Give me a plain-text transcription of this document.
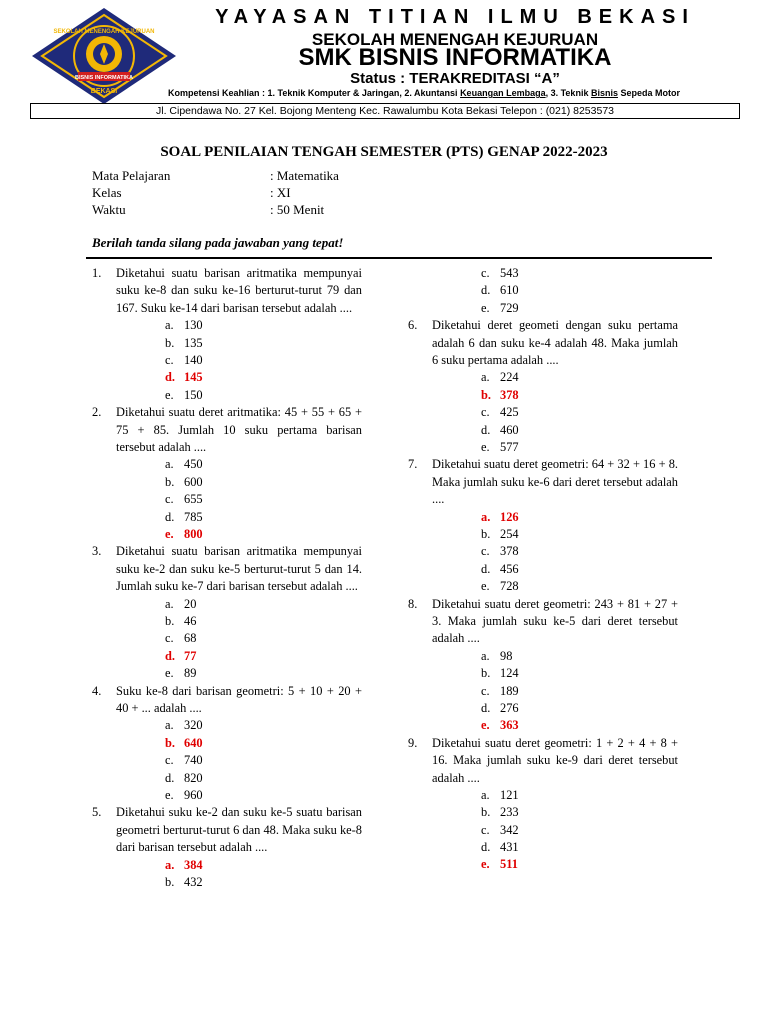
BISNIS INFORMATIKA
SEKOLAH MENENGAH KEJURUAN
BEKASI
YAYASAN TITIAN ILMU BEKASI
SEKOLAH MENENGAH KEJURUAN
SMK BISNIS INFORMATIKA
Status : TERAKREDITASI “A”
Kompetensi Keahlian : 1. Teknik Komputer & Jaringan, 2. Akuntansi Keuangan Lembaga, 3. Teknik Bisnis Sepeda Motor
Jl. Cipendawa No. 27 Kel. Bojong Menteng Kec. Rawalumbu Kota Bekasi Telepon : (021) 8253573
SOAL PENILAIAN TENGAH SEMESTER (PTS) GENAP 2022-2023
Mata Pelajaran	: Matematika
Kelas	: XI
Waktu	: 50 Menit
Berilah tanda silang pada jawaban yang tepat!
1. Diketahui suatu barisan aritmatika mempunyai suku ke-8 dan suku ke-16 berturut-turut 79 dan 167. Suku ke-14 dari barisan tersebut adalah ....
a. 130
b. 135
c. 140
d. 145
e. 150
2. Diketahui suatu deret aritmatika: 45 + 55 + 65 + 75 + 85. Jumlah 10 suku pertama barisan tersebut adalah ....
a. 450
b. 600
c. 655
d. 785
e. 800
3. Diketahui suatu barisan aritmatika mempunyai suku ke-2 dan suku ke-5 berturut-turut 5 dan 14. Jumlah suku ke-7 dari barisan tersebut adalah ....
a. 20
b. 46
c. 68
d. 77
e. 89
4. Suku ke-8 dari barisan geometri: 5 + 10 + 20 + 40 + ... adalah ....
a. 320
b. 640
c. 740
d. 820
e. 960
5. Diketahui suku ke-2 dan suku ke-5 suatu barisan geometri berturut-turut 6 dan 48. Maka suku ke-8 dari barisan tersebut adalah ....
a. 384
b. 432
c. 543
d. 610
e. 729
6. Diketahui deret geometi dengan suku pertama adalah 6 dan suku ke-4 adalah 48. Maka jumlah 6 suku pertama adalah ....
a. 224
b. 378
c. 425
d. 460
e. 577
7. Diketahui suatu deret geometri: 64 + 32 + 16 + 8. Maka jumlah suku ke-6 dari deret tersebut adalah ....
a. 126
b. 254
c. 378
d. 456
e. 728
8. Diketahui suatu deret geometri: 243 + 81 + 27 + 3. Maka jumlah suku ke-5 dari deret tersebut adalah ....
a. 98
b. 124
c. 189
d. 276
e. 363
9. Diketahui suatu deret geometri: 1 + 2 + 4 + 8 + 16. Maka jumlah suku ke-9 dari deret tersebut adalah ....
a. 121
b. 233
c. 342
d. 431
e. 511
